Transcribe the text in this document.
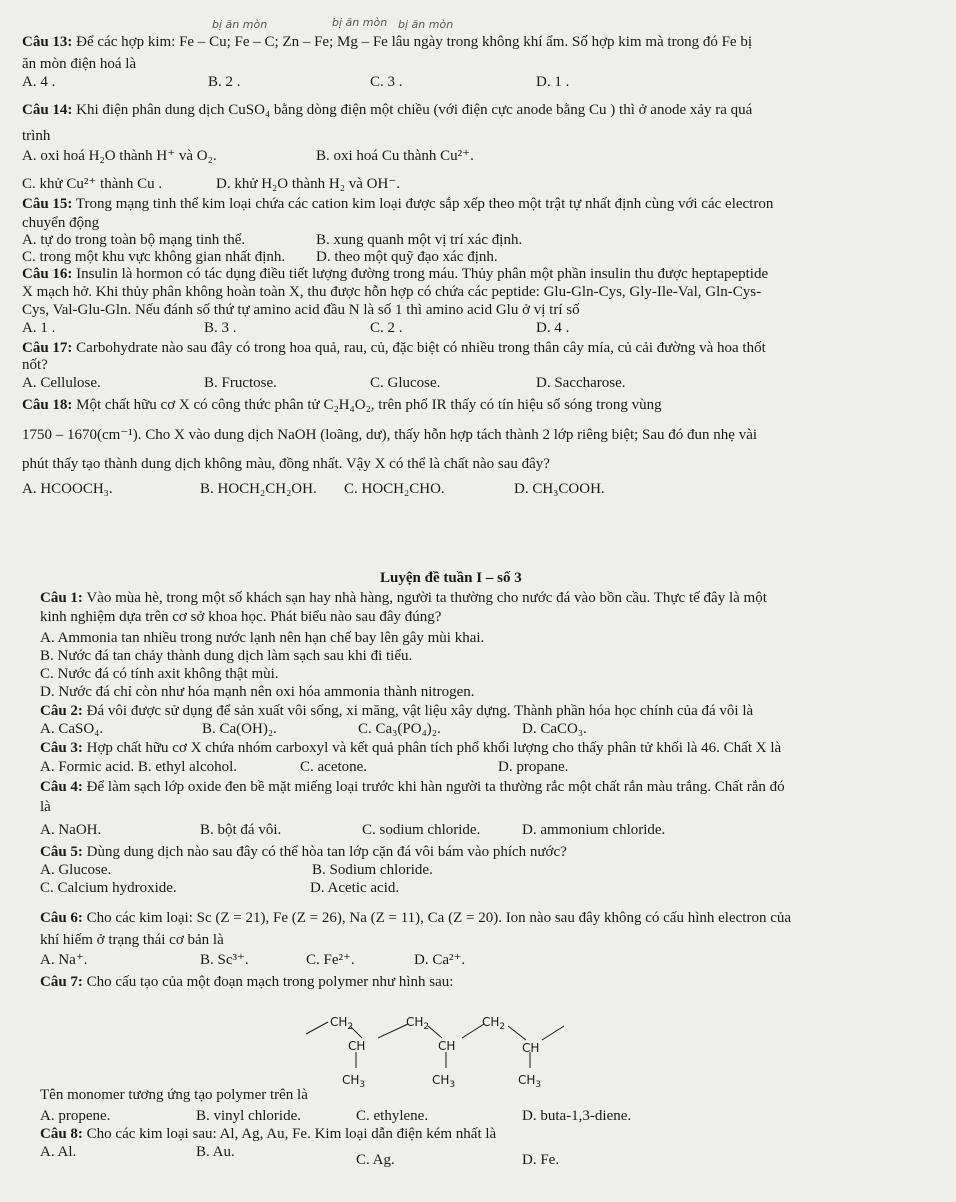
bị ăn mòn	bị ăn mòn bị ăn mòn
Câu 13: Để các hợp kim: Fe – Cu; Fe – C; Zn – Fe; Mg – Fe lâu ngày trong không khí ẩm. Số hợp kim mà trong đó Fe bị
ăn mòn điện hoá là
A. 4 .	B. 2 .	C. 3 .	D. 1 .
Câu 14: Khi điện phân dung dịch CuSO₄ bằng dòng điện một chiều (với điện cực anode bằng Cu ) thì ở anode xảy ra quá
trình
A. oxi hoá H₂O thành H⁺ và O₂.	B. oxi hoá Cu thành Cu²⁺.
C. khử Cu²⁺ thành Cu .	D. khử H₂O thành H₂ và OH⁻.
Câu 15: Trong mạng tinh thể kim loại chứa các cation kim loại được sắp xếp theo một trật tự nhất định cùng với các electron
chuyển động
A. tự do trong toàn bộ mạng tinh thể.	B. xung quanh một vị trí xác định.
C. trong một khu vực không gian nhất định. D. theo một quỹ đạo xác định.
Câu 16: Insulin là hormon có tác dụng điều tiết lượng đường trong máu. Thủy phân một phần insulin thu được heptapeptide
X mạch hở. Khi thủy phân không hoàn toàn X, thu được hỗn hợp có chứa các peptide: Glu-Gln-Cys, Gly-Ile-Val, Gln-Cys-
Cys, Val-Glu-Gln. Nếu đánh số thứ tự amino acid đầu N là số 1 thì amino acid Glu ở vị trí số
A. 1 .	B. 3 .	C. 2 .	D. 4 .
Câu 17: Carbohydrate nào sau đây có trong hoa quả, rau, củ, đặc biệt có nhiều trong thân cây mía, củ cải đường và hoa thốt
nốt?
A. Cellulose.	B. Fructose.	C. Glucose.	D. Saccharose.
Câu 18: Một chất hữu cơ X có công thức phân tử C₂H₄O₂, trên phổ IR thấy có tín hiệu số sóng trong vùng
1750 – 1670(cm⁻¹). Cho X vào dung dịch NaOH (loãng, dư), thấy hỗn hợp tách thành 2 lớp riêng biệt; Sau đó đun nhẹ vài
phút thấy tạo thành dung dịch không màu, đồng nhất. Vậy X có thể là chất nào sau đây?
A. HCOOCH₃.	B. HOCH₂CH₂OH. C. HOCH₂CHO.	D. CH₃COOH.
Câu 1: Vào mùa hè, trong một số khách sạn hay nhà hàng, người ta thường cho nước đá vào bồn cầu. Thực tế đây là một
kinh nghiệm dựa trên cơ sở khoa học. Phát biểu nào sau đây đúng?
A. Ammonia tan nhiều trong nước lạnh nên hạn chế bay lên gây mùi khai.
B. Nước đá tan chảy thành dung dịch làm sạch sau khi đi tiểu.
C. Nước đá có tính axit không thật mùi.
D. Nước đá chỉ còn như hóa mạnh nên oxi hóa ammonia thành nitrogen.
Câu 2: Đá vôi được sử dụng để sản xuất vôi sống, xi măng, vật liệu xây dựng. Thành phần hóa học chính của đá vôi là
A. CaSO₄.	B. Ca(OH)₂.	C. Ca₃(PO₄)₂.	D. CaCO₃.
Câu 3: Hợp chất hữu cơ X chứa nhóm carboxyl và kết quả phân tích phổ khối lượng cho thấy phân tử khối là 46. Chất X là
A. Formic acid. B. ethyl alcohol.	C. acetone.	D. propane.
Câu 4: Để làm sạch lớp oxide đen bề mặt miếng loại trước khi hàn người ta thường rắc một chất rắn màu trắng. Chất rắn đó
là
A. NaOH.	B. bột đá vôi.	C. sodium chloride.	D. ammonium chloride.
Câu 5: Dùng dung dịch nào sau đây có thể hòa tan lớp cặn đá vôi bám vào phích nước?
A. Glucose.	B. Sodium chloride.
C. Calcium hydroxide.	D. Acetic acid.
Câu 6: Cho các kim loại: Sc (Z = 21), Fe (Z = 26), Na (Z = 11), Ca (Z = 20). Ion nào sau đây không có cấu hình electron của
khí hiếm ở trạng thái cơ bản là
A. Na⁺.	B. Sc³⁺.	C. Fe²⁺.	D. Ca²⁺.
Câu 7: Cho cấu tạo của một đoạn mạch trong polymer như hình sau:
Tên monomer tương ứng tạo polymer trên là
A. propene.	B. vinyl chloride.	C. ethylene.	D. buta-1,3-diene.
Câu 8: Cho các kim loại sau: Al, Ag, Au, Fe. Kim loại dẫn điện kém nhất là
A. Al.	B. Au.	C. Ag.	D. Fe.
Luyện đề tuần I – số 3
$CH_2$
CH
$CH_2$
CH
$CH_2$
CH
$CH_3$	$CH_3$	$CH_3$
